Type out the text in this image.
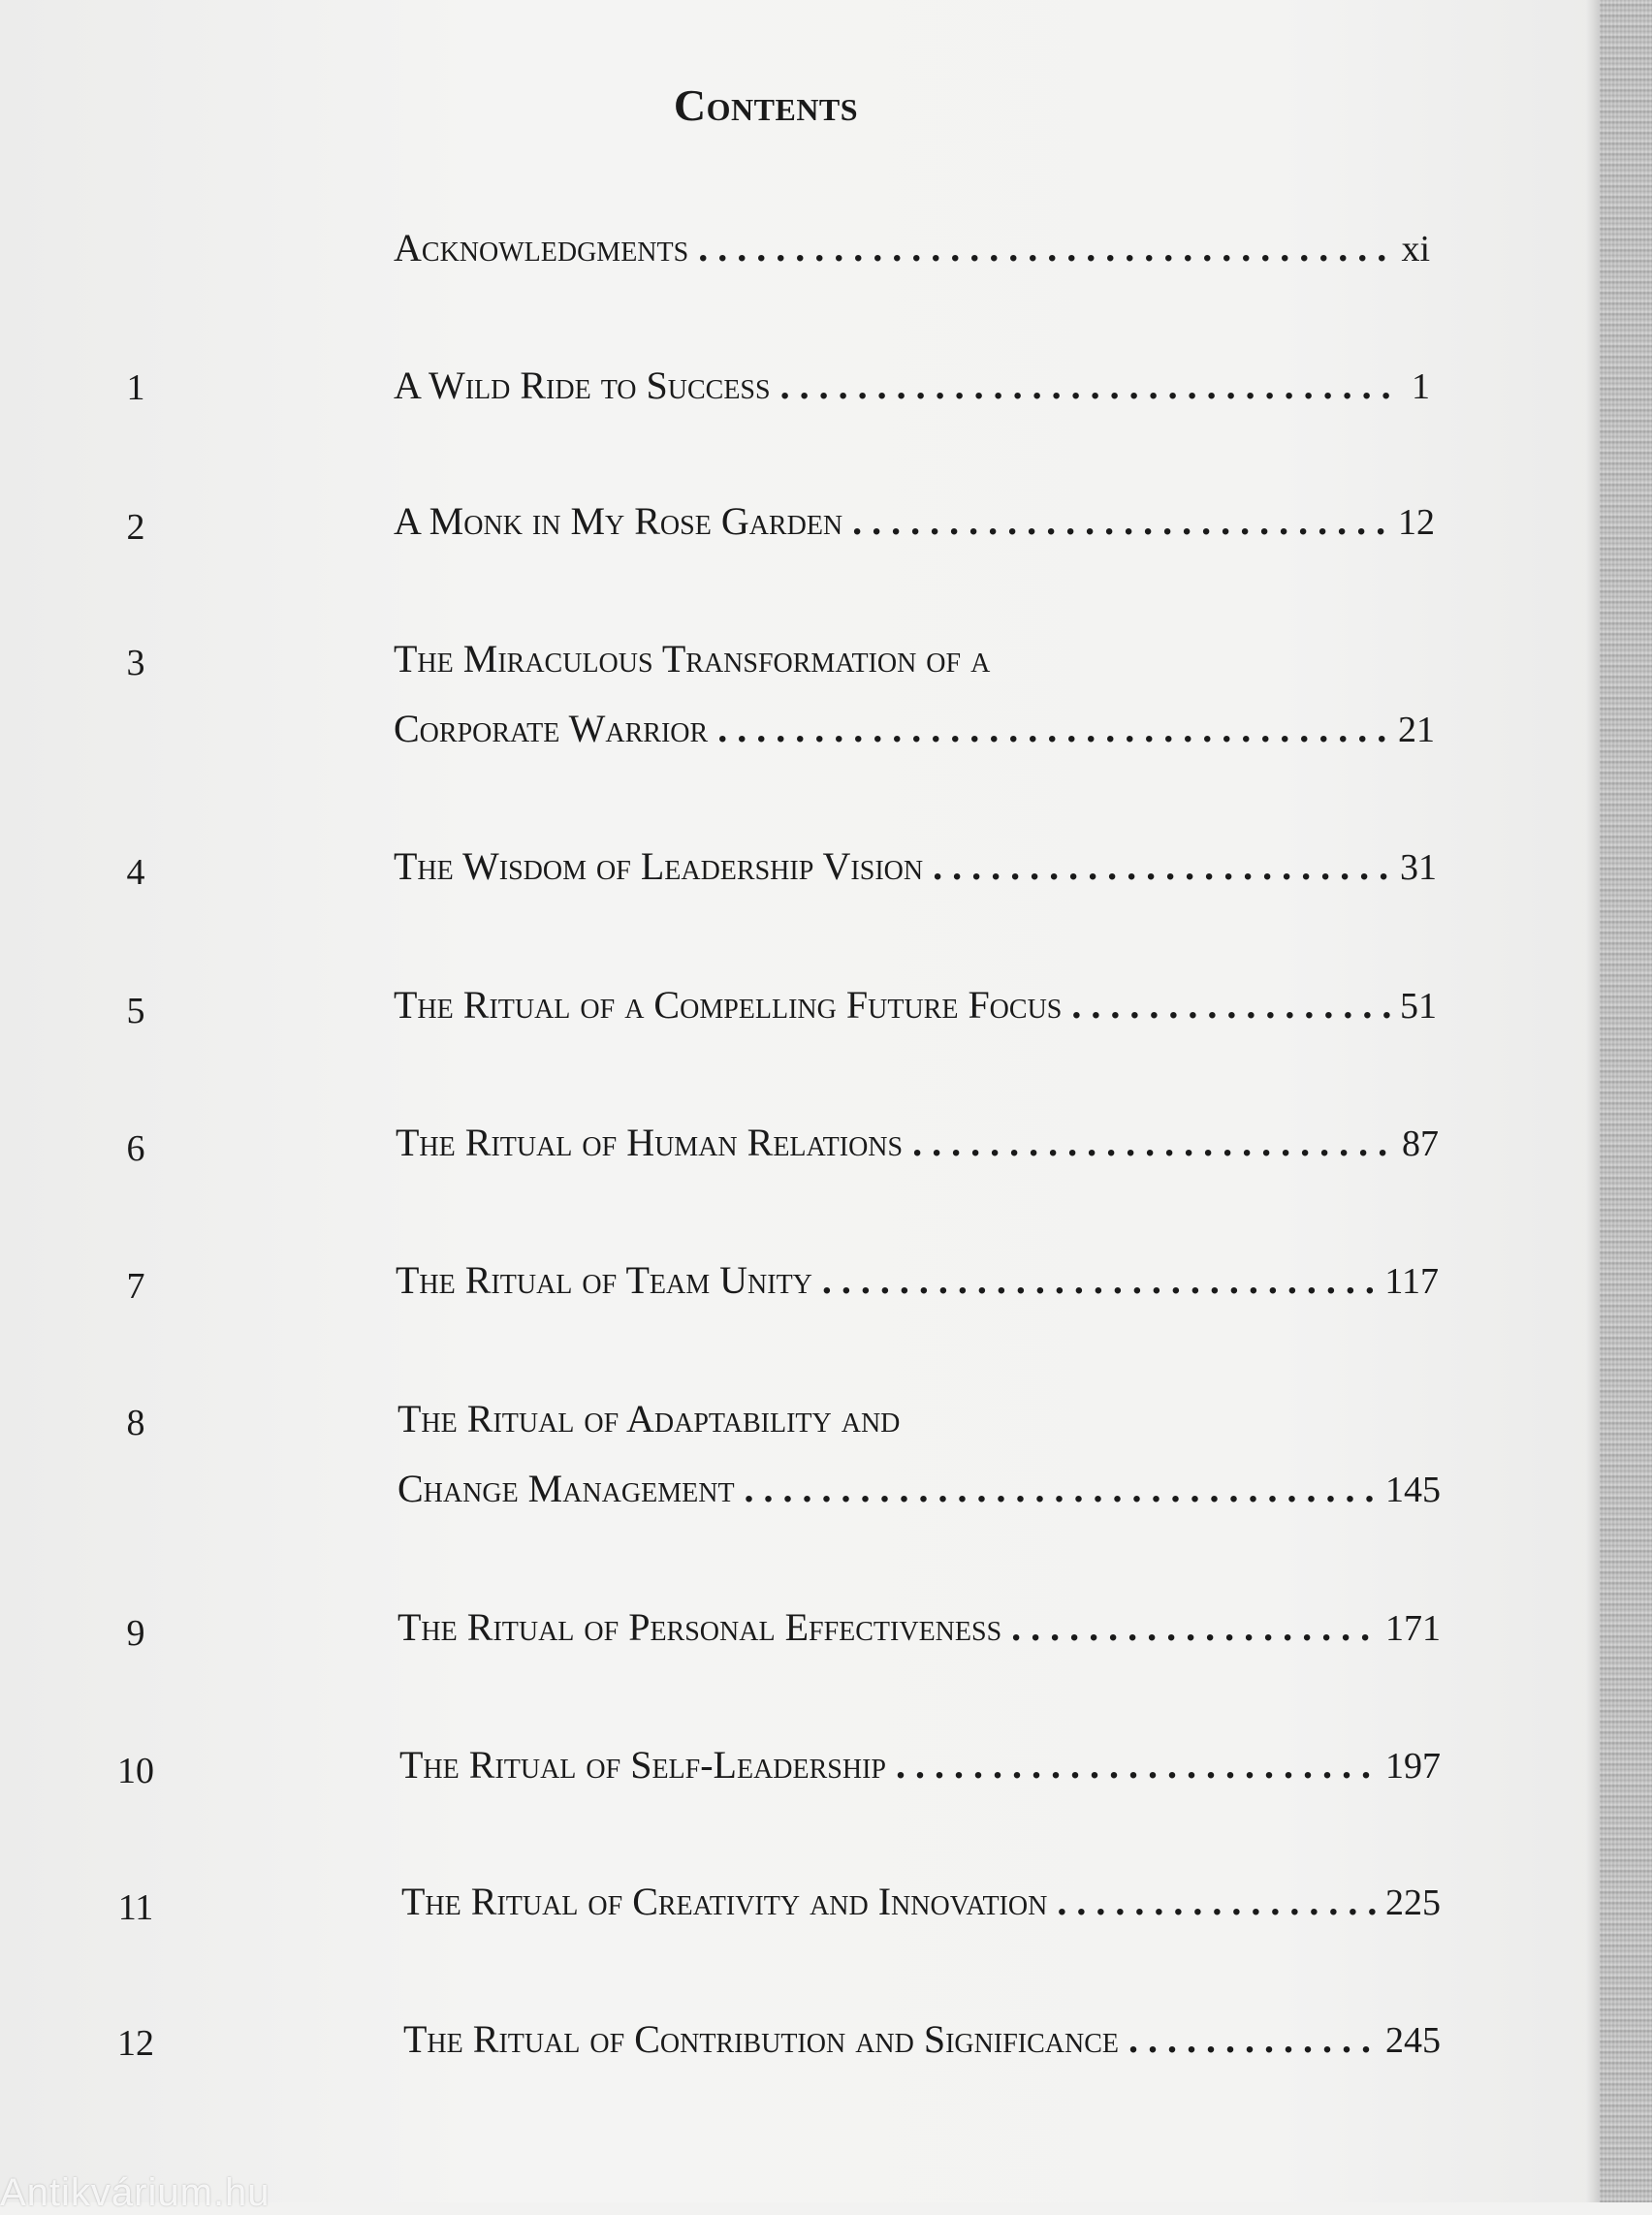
Contents
Acknowledgments . . .	xi
1	A Wild Ride to Success . . .	1
2	A Monk in My Rose Garden . . .	12
3	The Miraculous Transformation of a
Corporate Warrior . . .	21
4	The Wisdom of Leadership Vision . . .	31
5	The Ritual of a Compelling Future Focus . . .	51
6	The Ritual of Human Relations . . .	87
7	The Ritual of Team Unity . . .	117
8	The Ritual of Adaptability and
Change Management . . .	145
9	The Ritual of Personal Effectiveness . . .	171
10	The Ritual of Self-Leadership . . .	197
11	The Ritual of Creativity and Innovation . . .	225
12	The Ritual of Contribution and Significance . . .	245
Antikvárium.hu
